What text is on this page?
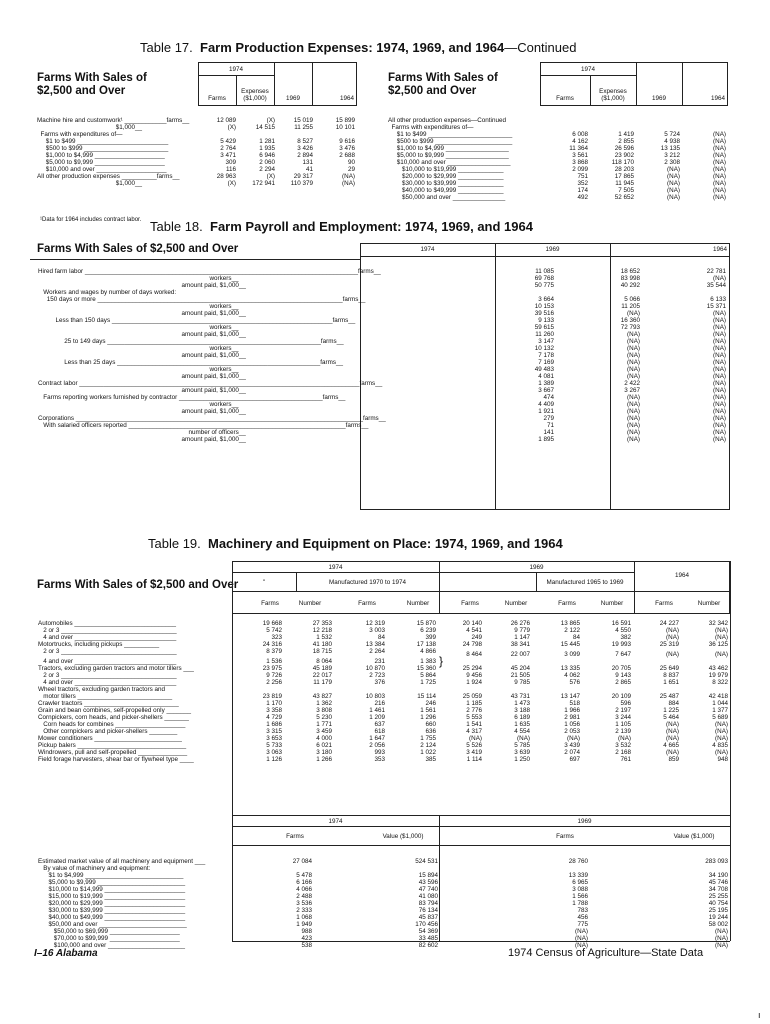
Table 17. Farm Production Expenses: 1974, 1969, and 1964—Continued
Farms With Sales of
$2,500 and Over
Farms With Sales of
$2,500 and Over
1974
Farms
Expenses
($1,000)	1969	1964
1974
Farms
Expenses
($1,000)	1969	1964
Machine hire and customwork¹ ____________farms__	12 089	(X)	15 019	15 899
$1,000__	(X)	14 515	11 255	10 101
Farms with expenditures of—				
$1 to $499 __________________________	5 429	1 281	8 527	9 616
$500 to $999 ________________________	2 764	1 935	3 426	3 476
$1,000 to $4,999 ____________________	3 471	6 946	2 894	2 688
$5,000 to $9,999 ____________________	309	2 060	131	90
$10,000 and over ____________________	116	2 294	41	29

All other production expenses __________farms__	28 963	(X)	29 317	(NA)
$1,000__	(X)	172 941	110 379	(NA)
All other production expenses—Continued				
Farms with expenditures of—				
$1 to $499 ________________________	6 008	1 419	5 724	(NA)
$500 to $999 ______________________	4 162	2 855	4 938	(NA)
$1,000 to $4,999 __________________	11 364	26 596	13 135	(NA)
$5,000 to $9,999 __________________	3 561	23 902	3 212	(NA)
$10,000 and over __________________	3 868	118 170	2 308	(NA)
$10,000 to $19,999 _____________	2 099	28 203	(NA)	(NA)
$20,000 to $29,999 _____________	751	17 865	(NA)	(NA)
$30,000 to $39,999 _____________	352	11 945	(NA)	(NA)
$40,000 to $49,999 _____________	174	7 505	(NA)	(NA)
$50,000 and over _______________	492	52 652	(NA)	(NA)
¹Data for 1964 includes contract labor. Table 18. Farm Payroll and Employment: 1974, 1969, and 1964
Farms With Sales of $2,500 and Over	1974	1969	1964
Hired farm labor ______________________________________________________________________________farms__	11 085	18 652	22 781
workers__	69 768	83 998	(NA)
amount paid, $1,000__	50 775	40 292	35 544
Workers and wages by number of days worked:			
150 days or more ______________________________________________________________________farms__	3 664	5 066	6 133
workers__	10 153	11 205	15 371
amount paid, $1,000__	39 516	(NA)	(NA)
Less than 150 days _______________________________________________________________farms__	9 133	16 360	(NA)
workers__	59 615	72 793	(NA)
amount paid, $1,000__	11 260	(NA)	(NA)
25 to 149 days _____________________________________________________________farms__	3 147	(NA)	(NA)
workers__	10 132	(NA)	(NA)
amount paid, $1,000__	7 178	(NA)	(NA)
Less than 25 days __________________________________________________________farms__	7 169	(NA)	(NA)
workers__	49 483	(NA)	(NA)
amount paid, $1,000__	4 081	(NA)	(NA)

Contract labor ________________________________________________________________________________farms__	1 389	2 422	(NA)
amount paid, $1,000__	3 667	3 267	(NA)
Farms reporting workers furnished by contractor _________________________________________farms__	474	(NA)	(NA)
workers__	4 409	(NA)	(NA)
amount paid, $1,000__	1 921	(NA)	(NA)

Corporations __________________________________________________________________________________farms__	279	(NA)	(NA)
With salaried officers reported ______________________________________________________________farms__	71	(NA)	(NA)
number of officers__	141	(NA)	(NA)
amount paid, $1,000__	1 895	(NA)	(NA)
Table 19. Machinery and Equipment on Place: 1974, 1969, and 1964
Farms With Sales of $2,500 and Over
1974	1969
1964
"	Manufactured 1970 to 1974	Manufactured 1965 to 1969
Farms	Number	Farms	Number	Farms	Number	Farms	Number	Farms	Number
Automobiles _____________________________	19 668	27 353	12 319	15 870	20 140	26 276	13 865	16 591	24 227	32 342
2 or 3 _________________________________	5 742	12 218	3 003	6 239	4 541	9 779	2 122	4 550	(NA)	(NA)
4 and over _____________________________	323	1 532	84	399	249	1 147	84	382	(NA)	(NA)
Motortrucks, including pickups __________	24 316	41 180	13 384	17 138	24 798	38 341	15 445	19 993	25 319	36 125
2 or 3 _________________________________	8 379	18 715	2 264	4 866	8 464	22 007	3 099	7 647	(NA)	(NA)
4 and over _____________________________	1 536	8 064	231	1 383						
Tractors, excluding garden tractors and motor tillers ___	23 975	45 189	10 870	15 360	25 294	45 204	13 335	20 705	25 649	43 462
2 or 3 _________________________________	9 726	22 017	2 723	5 864	9 456	21 505	4 062	9 143	8 837	19 979
4 and over _____________________________	2 256	11 179	376	1 725	1 924	9 785	576	2 865	1 651	8 322
Wheel tractors, excluding garden tractors and										
motor tillers ___________________________	23 819	43 827	10 803	15 114	25 059	43 731	13 147	20 109	25 487	42 418
Crawler tractors ___________________________	1 170	1 362	216	246	1 185	1 473	518	596	884	1 044

Grain and bean combines, self-propelled only _______	3 358	3 808	1 461	1 561	2 776	3 188	1 966	2 197	1 225	1 377
Cornpickers, corn heads, and picker-shellers _______	4 729	5 230	1 209	1 296	5 553	6 189	2 981	3 244	5 464	5 689
Corn heads for combines ____________________	1 686	1 771	637	660	1 541	1 635	1 056	1 105	(NA)	(NA)
Other cornpickers and picker-shellers ________	3 315	3 459	618	636	4 317	4 554	2 053	2 139	(NA)	(NA)
Mower conditioners _________________________	3 653	4 000	1 647	1 755	(NA)	(NA)	(NA)	(NA)	(NA)	(NA)
Pickup balers _______________________________	5 733	6 021	2 056	2 124	5 526	5 785	3 439	3 532	4 665	4 835
Windrowers, pull and self-propelled ______________	3 063	3 180	993	1 022	3 419	3 639	2 074	2 168	(NA)	(NA)
Field forage harvesters, shear bar or flywheel type ____	1 126	1 266	353	385	1 114	1 250	697	761	859	948
}
1974	1969
Farms	Value ($1,000)	Farms	Value ($1,000)
Estimated market value of all machinery and equipment ___	27 084	524 531	28 760	283 093
By value of machinery and equipment:				
$1 to $4,999 ____________________________	5 478	15 894	13 339	34 190
$5,000 to $9,999 _________________________	6 166	43 596	6 965	45 746
$10,000 to $14,999 _______________________	4 066	47 740	3 088	34 708
$15,000 to $19,999 _______________________	2 488	41 080	1 566	25 255
$20,000 to $29,999 _______________________	3 536	83 794	1 788	40 754
$30,000 to $39,999 _______________________	2 333	76 134	783	25 195
$40,000 to $49,999 _______________________	1 068	45 837	456	19 244
$50,000 and over _________________________	1 949	170 456	775	58 002
$50,000 to $69,999 ____________________	988	54 369	(NA)	(NA)
$70,000 to $99,999 ____________________	423	33 485	(NA)	(NA)
$100,000 and over ______________________	538	82 602	(NA)	(NA)
I–16 Alabama	1974 Census of Agriculture—State Data
ı
